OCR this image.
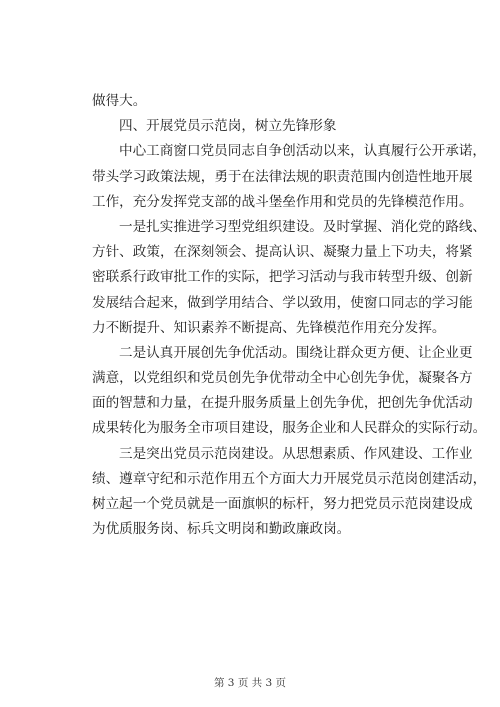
做得大。
四、开展党员示范岗，树立先锋形象
中心工商窗口党员同志自争创活动以来，认真履行公开承诺，
带头学习政策法规，勇于在法律法规的职责范围内创造性地开展
工作，充分发挥党支部的战斗堡垒作用和党员的先锋模范作用。
一是扎实推进学习型党组织建设。及时掌握、消化党的路线、
方针、政策，在深刻领会、提高认识、凝聚力量上下功夫，将紧
密联系行政审批工作的实际，把学习活动与我市转型升级、创新
发展结合起来，做到学用结合、学以致用，使窗口同志的学习能
力不断提升、知识素养不断提高、先锋模范作用充分发挥。
二是认真开展创先争优活动。围绕让群众更方便、让企业更
满意，以党组织和党员创先争优带动全中心创先争优，凝聚各方
面的智慧和力量，在提升服务质量上创先争优，把创先争优活动
成果转化为服务全市项目建设，服务企业和人民群众的实际行动。
三是突出党员示范岗建设。从思想素质、作风建设、工作业
绩、遵章守纪和示范作用五个方面大力开展党员示范岗创建活动，
树立起一个党员就是一面旗帜的标杆，努力把党员示范岗建设成
为优质服务岗、标兵文明岗和勤政廉政岗。
第 3 页 共 3 页
